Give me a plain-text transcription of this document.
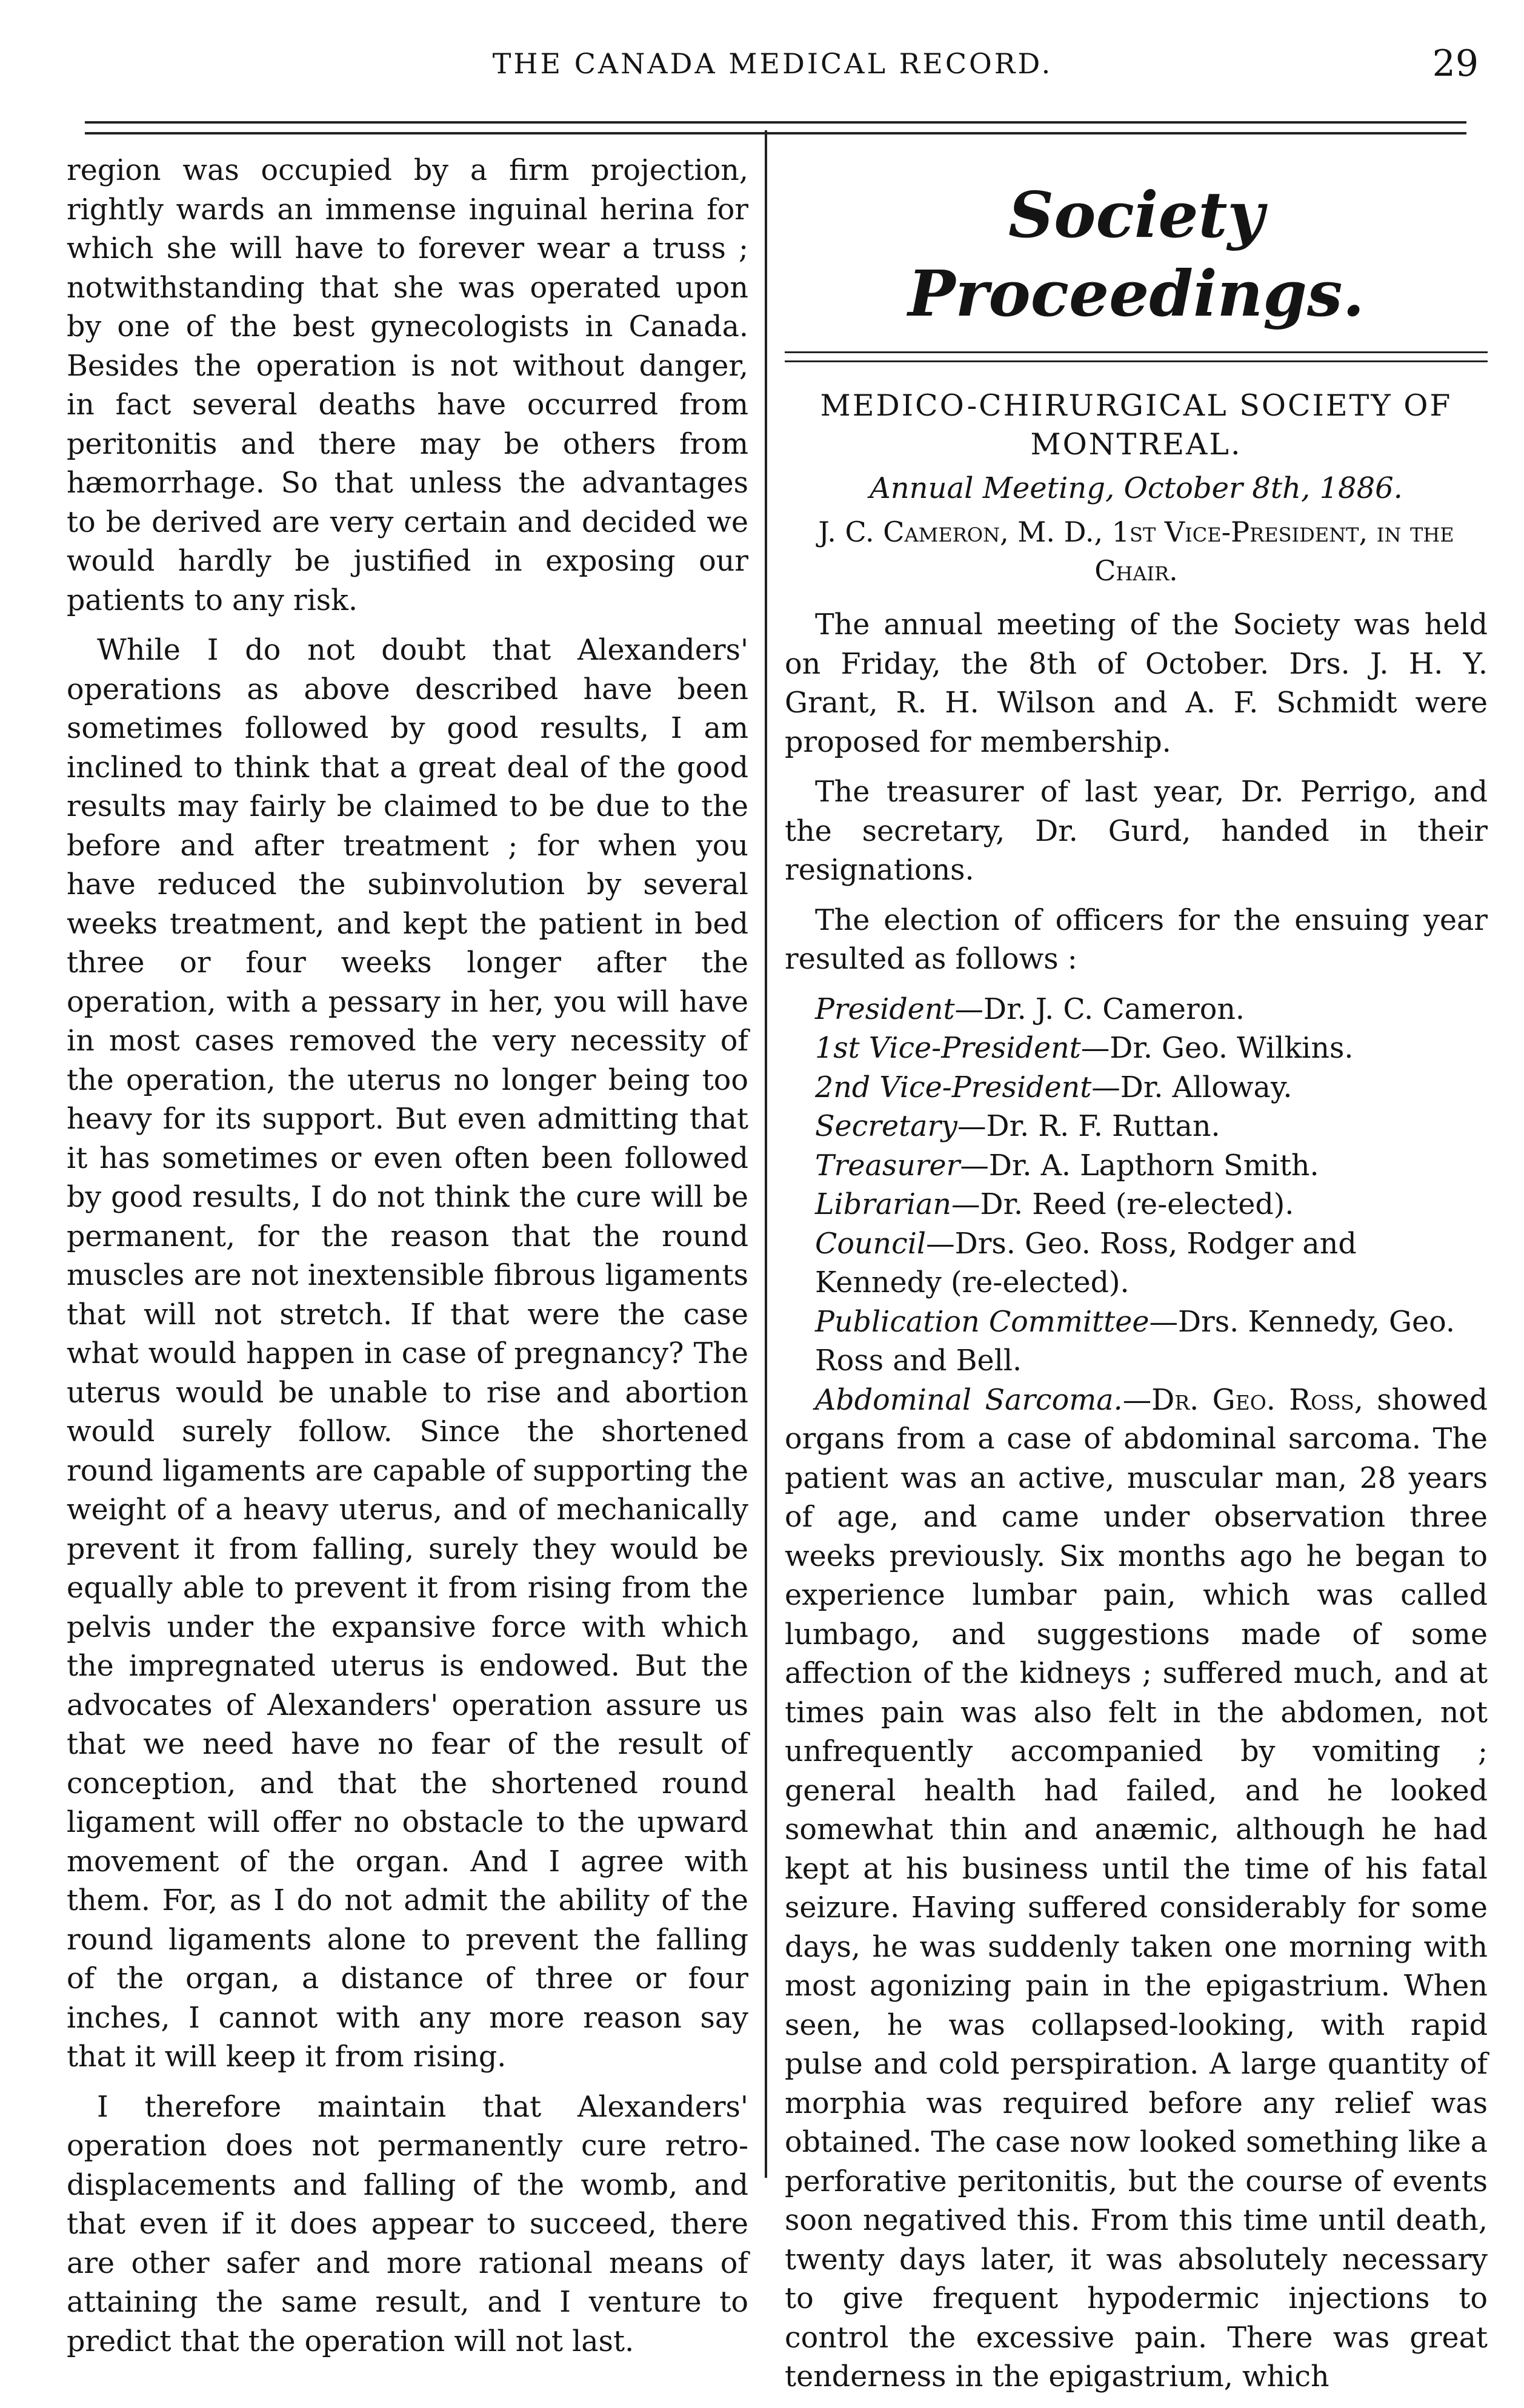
THE CANADA MEDICAL RECORD.	29

region was occupied by a firm projection, rightly wards an immense inguinal herina for which she will have to forever wear a truss ; notwithstanding that she was operated upon by one of the best gynecologists in Canada. Besides the operation is not without danger, in fact several deaths have occurred from peritonitis and there may be others from hæmorrhage. So that unless the advantages to be derived are very certain and decided we would hardly be justified in exposing our patients to any risk.

While I do not doubt that Alexanders' operations as above described have been sometimes followed by good results, I am inclined to think that a great deal of the good results may fairly be claimed to be due to the before and after treatment ; for when you have reduced the subinvolution by several weeks treatment, and kept the patient in bed three or four weeks longer after the operation, with a pessary in her, you will have in most cases removed the very necessity of the operation, the uterus no longer being too heavy for its support. But even admitting that it has sometimes or even often been followed by good results, I do not think the cure will be permanent, for the reason that the round muscles are not inextensible fibrous ligaments that will not stretch. If that were the case what would happen in case of pregnancy? The uterus would be unable to rise and abortion would surely follow. Since the shortened round ligaments are capable of supporting the weight of a heavy uterus, and of mechanically prevent it from falling, surely they would be equally able to prevent it from rising from the pelvis under the expansive force with which the impregnated uterus is endowed. But the advocates of Alexanders' operation assure us that we need have no fear of the result of conception, and that the shortened round ligament will offer no obstacle to the upward movement of the organ. And I agree with them. For, as I do not admit the ability of the round ligaments alone to prevent the falling of the organ, a distance of three or four inches, I cannot with any more reason say that it will keep it from rising.

I therefore maintain that Alexanders' operation does not permanently cure retro-displacements and falling of the womb, and that even if it does appear to succeed, there are other safer and more rational means of attaining the same result, and I venture to predict that the operation will not last.

Society Proceedings.
MEDICO-CHIRURGICAL SOCIETY OF MONTREAL.
Annual Meeting, October 8th, 1886.
J. C. Cameron, M. D., 1st Vice-President, in the Chair.

The annual meeting of the Society was held on Friday, the 8th of October. Drs. J. H. Y. Grant, R. H. Wilson and A. F. Schmidt were proposed for membership.

The treasurer of last year, Dr. Perrigo, and the secretary, Dr. Gurd, handed in their resignations.

The election of officers for the ensuing year resulted as follows :

President—Dr. J. C. Cameron.

1st Vice-President—Dr. Geo. Wilkins.

2nd Vice-President—Dr. Alloway.

Secretary—Dr. R. F. Ruttan.

Treasurer—Dr. A. Lapthorn Smith.

Librarian—Dr. Reed (re-elected).

Council—Drs. Geo. Ross, Rodger and Kennedy (re-elected).

Publication Committee—Drs. Kennedy, Geo. Ross and Bell.

Abdominal Sarcoma.—Dr. Geo. Ross, showed organs from a case of abdominal sarcoma. The patient was an active, muscular man, 28 years of age, and came under observation three weeks previously. Six months ago he began to experience lumbar pain, which was called lumbago, and suggestions made of some affection of the kidneys ; suffered much, and at times pain was also felt in the abdomen, not unfrequently accompanied by vomiting ; general health had failed, and he looked somewhat thin and anæmic, although he had kept at his business until the time of his fatal seizure. Having suffered considerably for some days, he was suddenly taken one morning with most agonizing pain in the epigastrium. When seen, he was collapsed-looking, with rapid pulse and cold perspiration. A large quantity of morphia was required before any relief was obtained. The case now looked something like a perforative peritonitis, but the course of events soon negatived this. From this time until death, twenty days later, it was absolutely necessary to give frequent hypodermic injections to control the excessive pain. There was great tenderness in the epigastrium, which
